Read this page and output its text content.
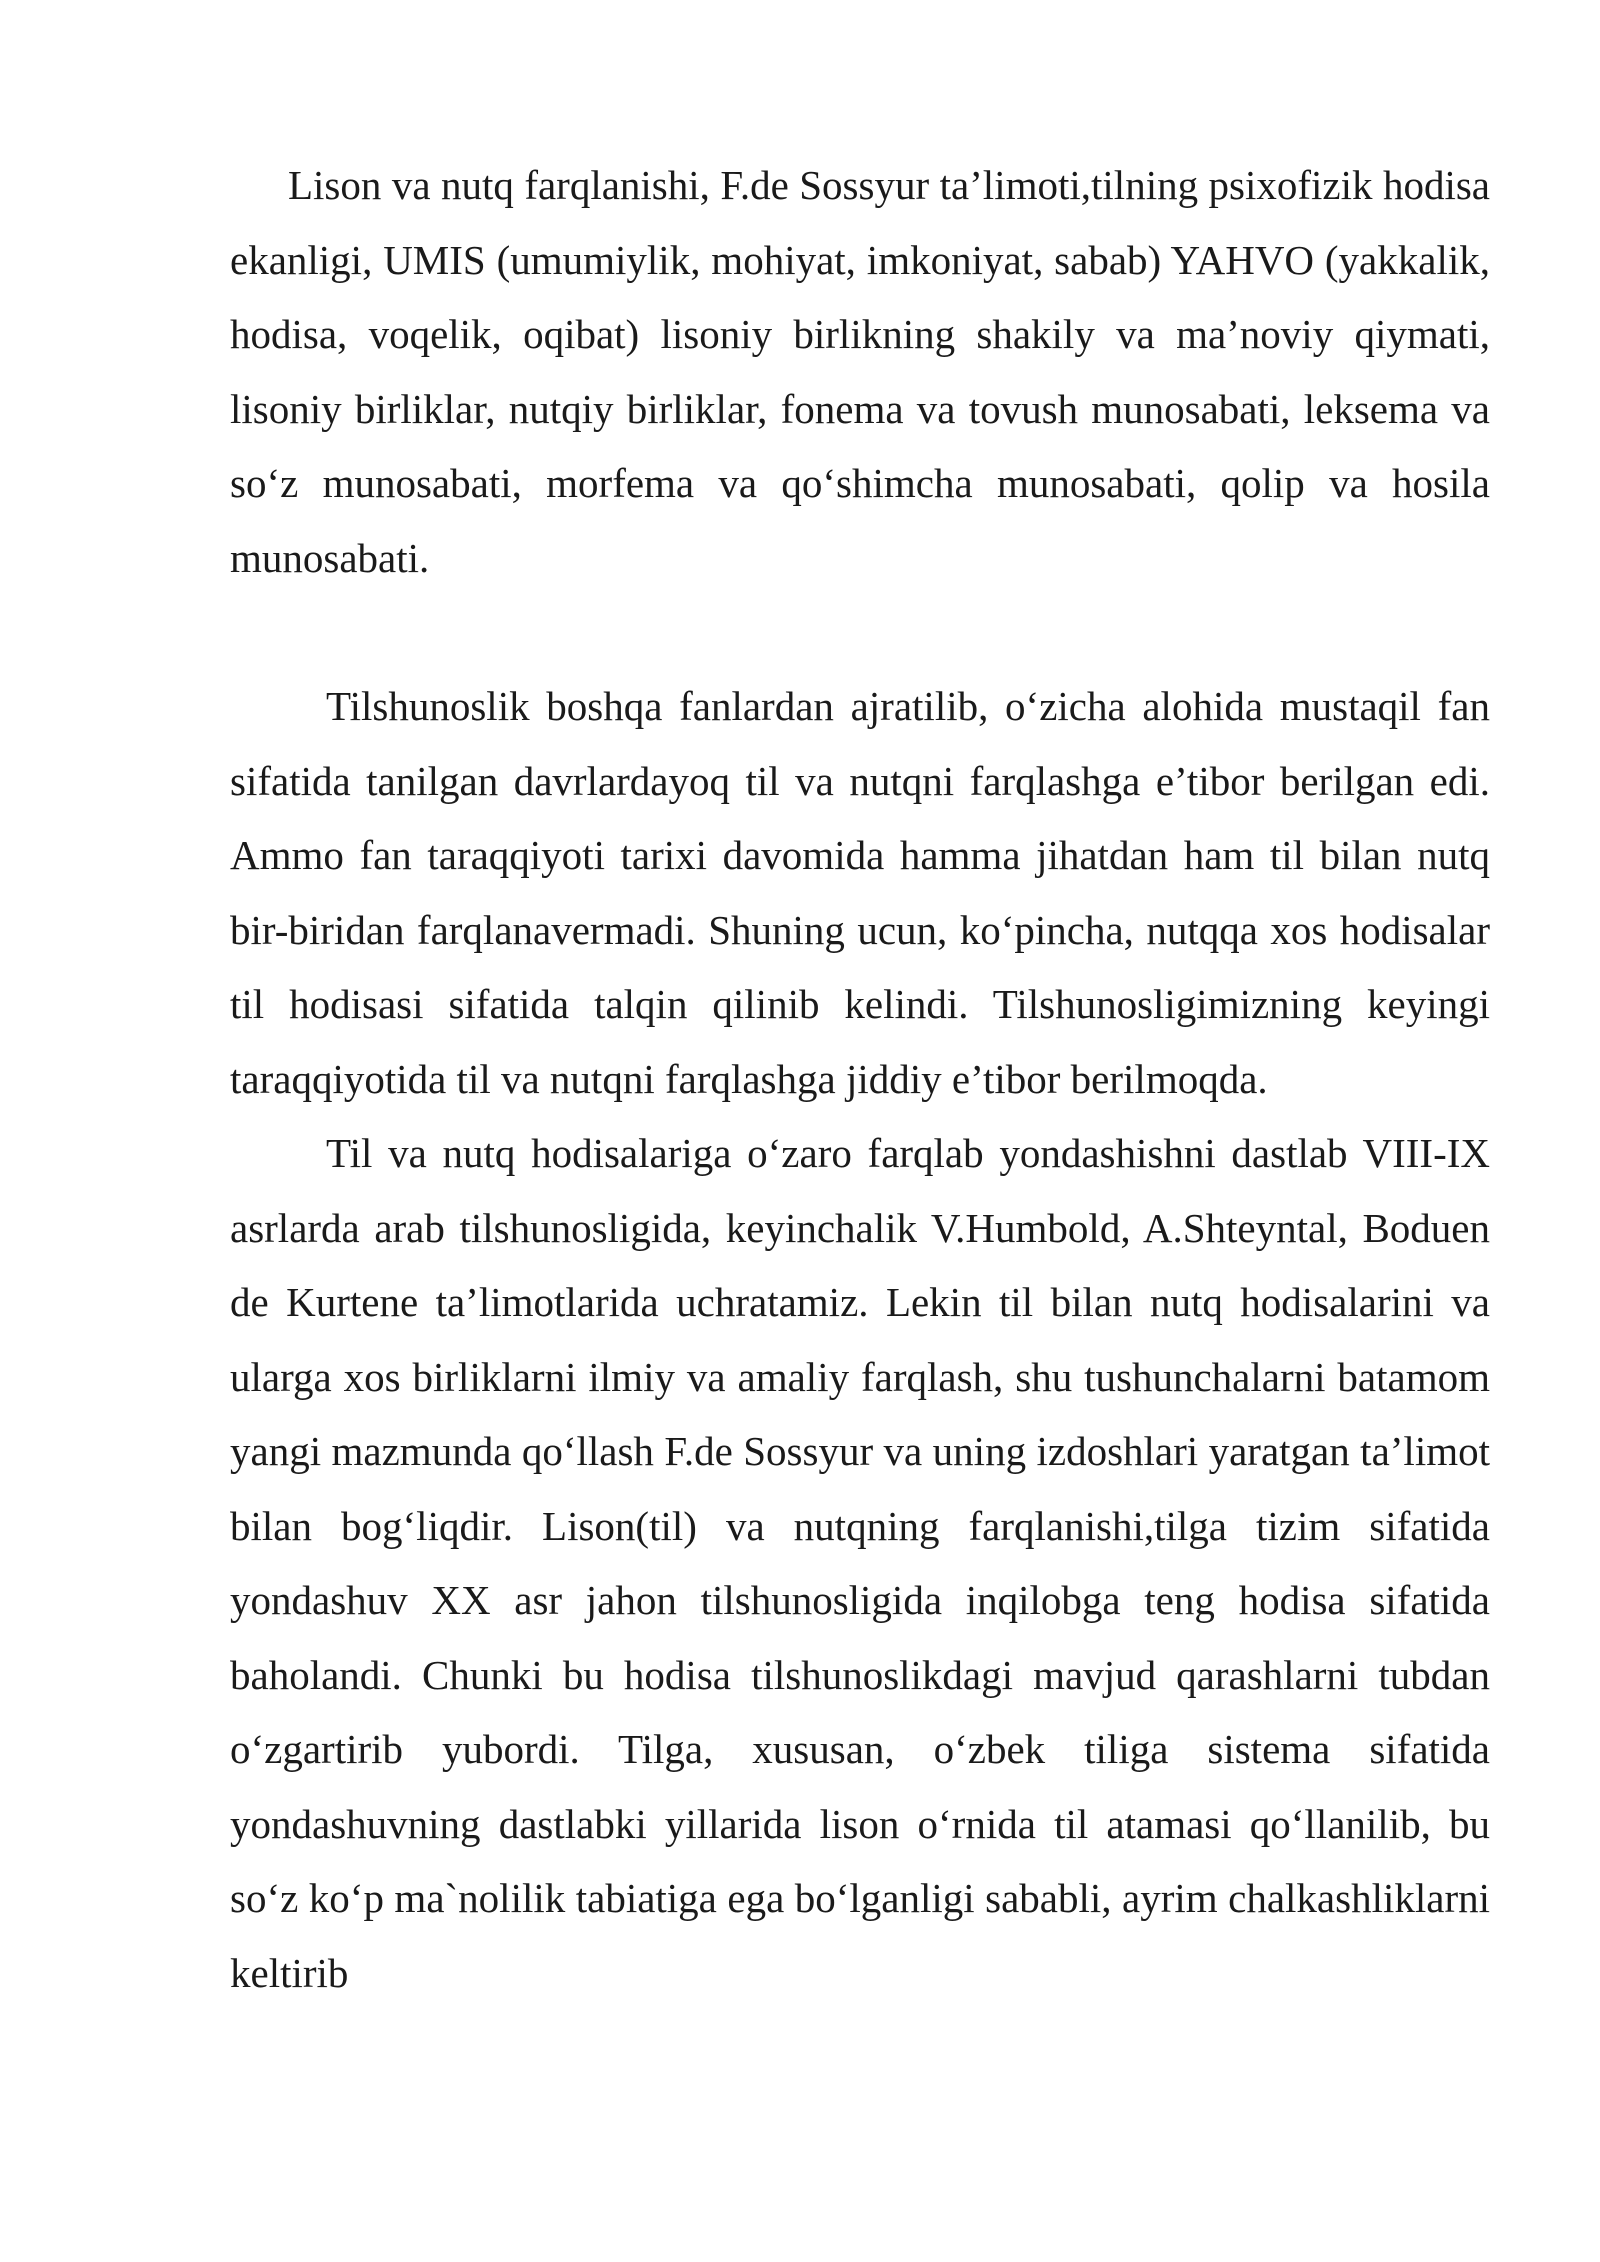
Lison va nutq farqlanishi, F.de Sossyur ta’limoti,tilning psixofizik hodisa ekanligi, UMIS (umumiylik, mohiyat, imkoniyat, sabab) YAHVO (yakkalik, hodisa, voqelik, oqibat) lisoniy birlikning shakily va ma’noviy qiymati, lisoniy birliklar, nutqiy birliklar, fonema va tovush munosabati, leksema va so‘z munosabati, morfema va qo‘shimcha munosabati, qolip va hosila munosabati.

Tilshunoslik boshqa fanlardan ajratilib, o‘zicha alohida mustaqil fan sifatida tanilgan davrlardayoq til va nutqni farqlashga e’tibor berilgan edi. Ammo fan taraqqiyoti tarixi davomida hamma jihatdan ham til bilan nutq bir-biridan farqlanavermadi. Shuning ucun, ko‘pincha, nutqqa xos hodisalar til hodisasi sifatida talqin qilinib kelindi. Tilshunosligimizning keyingi taraqqiyotida til va nutqni farqlashga jiddiy e’tibor berilmoqda.

Til va nutq hodisalariga o‘zaro farqlab yondashishni dastlab VIII-IX asrlarda arab tilshunosligida, keyinchalik V.Humbold, A.Shteyntal, Boduen de Kurtene ta’limotlarida uchratamiz. Lekin til bilan nutq hodisalarini va ularga xos birliklarni ilmiy va amaliy farqlash, shu tushunchalarni batamom yangi mazmunda qo‘llash F.de Sossyur va uning izdoshlari yaratgan ta’limot bilan bog‘liqdir. Lison(til) va nutqning farqlanishi,tilga tizim sifatida yondashuv XX asr jahon tilshunosligida inqilobga teng hodisa sifatida baholandi. Chunki bu hodisa tilshunoslikdagi mavjud qarashlarni tubdan o‘zgartirib yubordi. Tilga, xususan, o‘zbek tiliga sistema sifatida yondashuvning dastlabki yillarida lison o‘rnida til atamasi qo‘llanilib, bu so‘z ko‘p ma`nolilik tabiatiga ega bo‘lganligi sababli, ayrim chalkashliklarni keltirib
